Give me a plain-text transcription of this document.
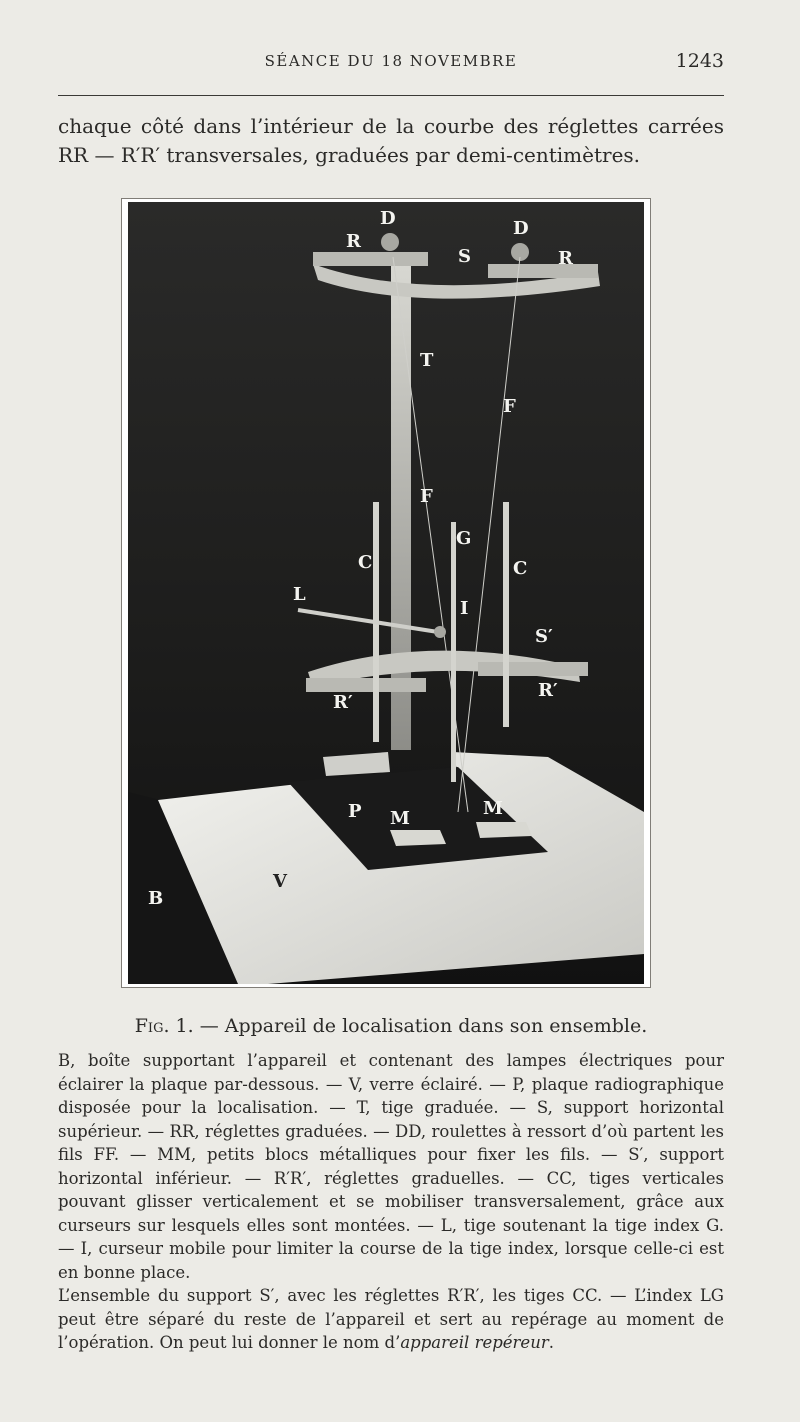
SÉANCE DU 18 NOVEMBRE	1243

chaque côté dans l’intérieur de la courbe des réglettes carrées RR — R′R′ transversales, graduées par demi-centimètres.

D	D
R
R
S
T
F
F
G
C	C
L
I
S′
R′
R′
P M	M
V
B
Fig. 1. — Appareil de localisation dans son ensemble.

B, boîte supportant l’appareil et contenant des lampes électriques pour éclairer la plaque par-dessous. — V, verre éclairé. — P, plaque radiographique disposée pour la localisation. — T, tige graduée. — S, support horizontal supérieur. — RR, réglettes graduées. — DD, roulettes à ressort d’où partent les fils FF. — MM, petits blocs métalliques pour fixer les fils. — S′, support horizontal inférieur. — R′R′, réglettes graduelles. — CC, tiges verticales pouvant glisser verticalement et se mobiliser transversalement, grâce aux curseurs sur lesquels elles sont montées. — L, tige soutenant la tige index G. — I, curseur mobile pour limiter la course de la tige index, lorsque celle-ci est en bonne place.

L’ensemble du support S′, avec les réglettes R′R′, les tiges CC. — L’index LG peut être séparé du reste de l’appareil et sert au repérage au moment de l’opération. On peut lui donner le nom d’appareil repéreur.
